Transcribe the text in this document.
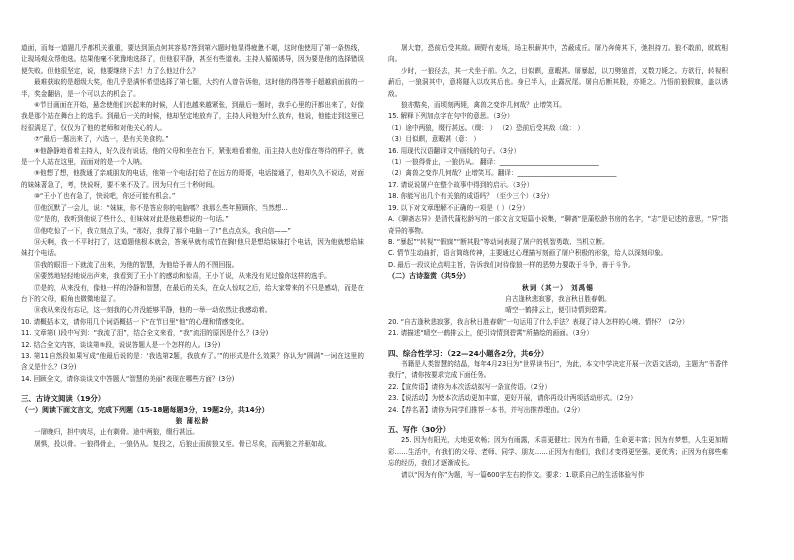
道面，而每一道题几乎都机关重重，要达到顶点何其容易?答到第六题时他显得疲惫不堪，这时他使用了第一条热线，让现场观众帮他选。结果他毫不犹豫地选择了，但他很平静，甚至有些道表。主持人循循诱导，因为要是他的选择错误便失败。但他很坚定，说，他要继续下去！力了么他过什么？

最难获取的是超级大奖，他几乎是满怀希望选择了第七题，大约有人曾告诉他，这时他的得答等于超越前面前的一半，奖金翻倍，是一个可以去的机会了。

⑥节目画面在开始，悬念使他们兴起来的时候，人们也越来越紧张，到最后一题时，我手心里的汗都出来了，好像我是那个站在舞台上的选手。到最后一关的时候，他却坚定地放弃了，主持人问他为什么放弃，他说，他能走到这里已经很满足了，仅仅为了他的老师和对他关心的人。

⑦“最后一题出来了，六选一，是有关美食的。”

⑧他静静地看着主持人，好久没有说话，他的父母和坐在台下，紧张地看着他，而主持人也好像在等待的样子，就是一个人站在这里，而面对的是一个人呐。

⑨他想了想，他拨通了亲戚朋友的电话，他第一个电话打给了在远方的哥哥，电话接通了，他却久久不说话，对面的妹妹著急了，考，快说呀，要不来不及了。因为只有三十秒时间。

⑩“王小丫也有急了，快说吧，你还可能有机会。”

⑪他沉默了一会儿，说：“妹妹，你不是答应你的电脑嗎？我那么些年照顾你，当然想...

⑫“是的，我听到他说了些什么，但妹妹对此是他最想说的一句话。”

⑬他吃惊了一下，我立刻点了头，“那好，我得了那个电脑一了!”也点点头，我自信——”

⑭天啊，我一不平时打了，这道题他根本就会，答案早就有成竹在胸!他只是想给妹妹打个电话，因为他就想给妹妹打个电话。

⑮我的眼泪一下就流了出来，为他的智慧，为他给予善人的不图回报。

⑯要然地轻轻地说出声来，我看到了王小丫的感动和惊喜，王小丫说，从来没有见过像你这样的选手。

⑰是的，从来没有，像他一样的冷静和智慧，在最后的关头，在众人惊叹之后，给大家带来的不只是感动，而是在台下的父母，眼角也微微地湿了。

⑱我从来没有忘记，这一刻我的心并没能够平静，他的一举一动依然让我感动着。

10. 请概括本文，请你用几个词语概括一下“在节目里“他”的心理和情感变化。

11. 文章第( )段中写到：“我流了泪”，结合全文来看，“我”流泪的原因是什么？(3分)

12. 结合全文内容，谈谈第⑤段，说说答题人是一个怎样的人。(3分)

13. 第11自然段如果写成“他最后说的是：‘我选第2题，我放弃了。’”的形式是什么效果？你认为“圆满”一词在这里的含义是什么？(3分)

14. 回顾全文，请你谈谈文中答题人“智慧的美丽”表现在哪些方面？(3分)

三、古诗文阅读（19分）

（一）阅读下面文言文，完成下列题（15-18题每题3分，19题2分，共14分）

狼 蒲松龄

一屠晚归，担中肉尽，止有剩骨。途中两狼，缀行甚远。

屠惧，投以骨。一狼得骨止，一狼仍从。复投之，后狼止而前狼又至。骨已尽矣，而两狼之并驱如故。

屠大窘，恐前后受其敌。顾野有麦场，场主积薪其中，苫蔽成丘。屠乃奔倚其下，弛担持刀。狼不敢前，眈眈相向。

少时，一狼径去，其一犬坐于前。久之，目似瞑，意暇甚。屠暴起，以刀劈狼首，又数刀毙之。方欲行，转视积薪后，一狼洞其中，意将隧入以攻其后也。身已半入，止露尻尾。屠自后断其股，亦毙之。乃悟前狼假寐，盖以诱敌。

狼亦黠矣，而顷刻两毙，禽兽之变诈几何哉？止增笑耳。

15. 解释下列加点字在句中的意思。（3分）

（1）途中两狼，缀行甚远。（缀： ） （2）恐前后受其敌（敌： ）

（3）目似瞑，意暇甚（意： ）

16. 用现代汉语翻译文中画线的句子。（3分）

（1）一狼得骨止，一狼仍从。 翻译：______________________________

（2）禽兽之变诈几何哉？止增笑耳。翻译：______________________________

17. 请说说屠户在整个故事中得到的启示。（3分）

18. 你能写出几个有关狼的成语吗？（至少三个）（3分）

19. 以下对文章理解不正确的一项是（ ）（2分）

A.《聊斋志异》是清代蒲松龄写的一部文言文短篇小说集，“聊斋”是蒲松龄书房的名字，“志”是记述的意思，“异”指奇异的事物。

B. “暴起”“转视”“假寐”“断其股”等动词表现了屠户的机智勇敢、当机立断。

C. 情节生动曲折，语言简练传神，主要通过心理描写刻画了屠户积极的形象，给人以深刻印象。

D. 最后一段议论点明主旨，告诉我们对待像狼一样的恶势力要敢于斗争，善于斗争。

（二）古诗鉴赏（共5分）

秋词（其一） 刘禹锡

自古逢秋悲寂寥，我言秋日胜春朝。

晴空一鹤排云上，便引诗情到碧霄。

20. “自古逢秋悲寂寥，我言秋日胜春朝”一句运用了什么手法？表现了诗人怎样的心境、情怀？（2分）

21. 请描述“晴空一鹤排云上，便引诗情到碧霄”所描绘的画面。（3分）

四、综合性学习：（22—24小题各2分，共6分）

书籍是人类智慧的结晶，每年4月23日为“世界读书日”，为此，本文中学决定开展一次语文活动，主题为“书香伴我行”，请你按要求完成下面任务。

22.【宣传语】请你为本次活动拟写一条宣传语。（2分）

23.【说活动】为使本次活动更加丰富，更好开展，请你再设计两项活动形式。（2分）

24.【荐名著】请你为同学们推荐一本书，并写出推荐理由。（2分）

五、写作（30分）

25. 因为有阳光，大地更欢畅；因为有雨露，禾苗更健壮；因为有书籍，生命更丰富；因为有梦想，人生更加精彩……生活中，有我们的父母、老师、同学、朋友……正因为有他们，我们才变得更坚强、更优秀；正因为有那些难忘的经历，我们才逐渐成长。

请以“因为有你”为题，写一篇600字左右的作文。要求：1.联系自己的生活体验写作
